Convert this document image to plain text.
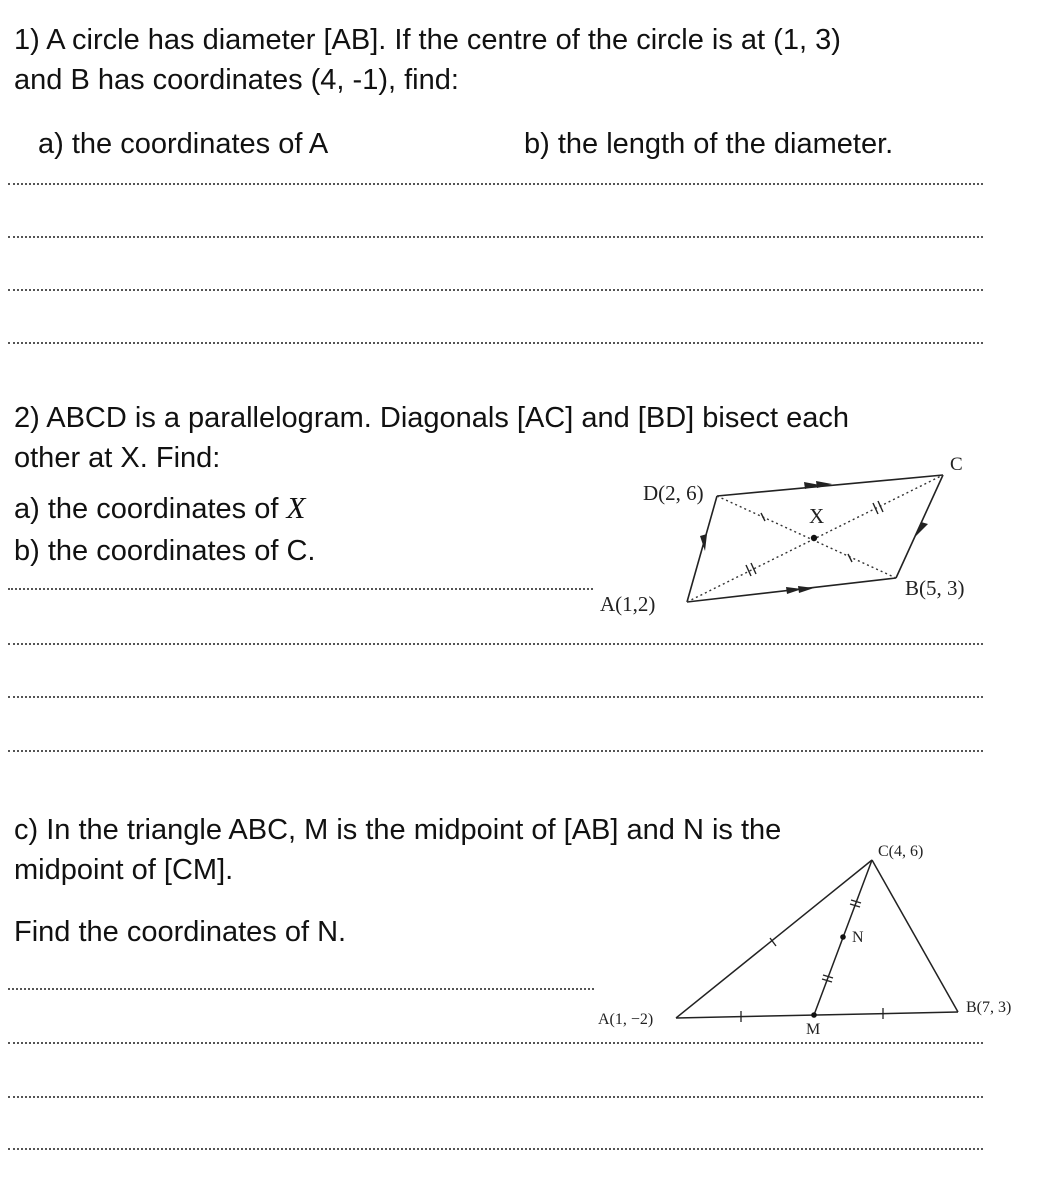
1) A circle has diameter [AB]. If the centre of the circle is at (1, 3)
and B has coordinates (4, -1), find:
a) the coordinates of A	b) the length of the diameter.
2) ABCD is a parallelogram. Diagonals [AC] and [BD] bisect each
other at X. Find:
a) the coordinates of X
b) the coordinates of C.
D(2, 6)
C
X
A(1,2)
B(5, 3)
c) In the triangle ABC, M is the midpoint of [AB] and N is the
midpoint of [CM].
Find the coordinates of N.
C(4, 6)
N
B(7, 3)
A(1, −2)
M
